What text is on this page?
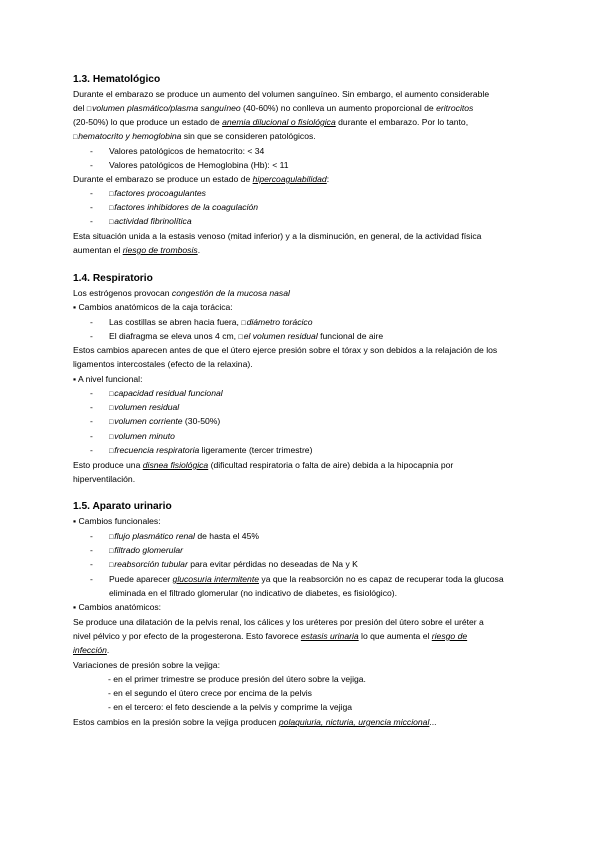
1.3. Hematológico
Durante el embarazo se produce un aumento del volumen sanguíneo. Sin embargo, el aumento considerable
del □volumen plasmático/plasma sanguíneo (40-60%) no conlleva un aumento proporcional de eritrocitos
(20-50%) lo que produce un estado de anemia dilucional o fisiológica durante el embarazo. Por lo tanto,
□hematocrito y hemoglobina sin que se consideren patológicos.
- Valores patológicos de hematocrito: < 34
- Valores patológicos de Hemoglobina (Hb): < 11
Durante el embarazo se produce un estado de hipercoagulabilidad:
- □factores procoagulantes
- □factores inhibidores de la coagulación
- □actividad fibrinolítica
Esta situación unida a la estasis venoso (mitad inferior) y a la disminución, en general, de la actividad física
aumentan el riesgo de trombosis.
1.4. Respiratorio
Los estrógenos provocan congestión de la mucosa nasal
▪ Cambios anatómicos de la caja torácica:
- Las costillas se abren hacia fuera, □diámetro torácico
- El diafragma se eleva unos 4 cm, □el volumen residual funcional de aire
Estos cambios aparecen antes de que el útero ejerce presión sobre el tórax y son debidos a la relajación de los
ligamentos intercostales (efecto de la relaxina).
▪ A nivel funcional:
- □capacidad residual funcional
- □volumen residual
- □volumen corriente (30-50%)
- □volumen minuto
- □frecuencia respiratoria ligeramente (tercer trimestre)
Esto produce una disnea fisiológica (dificultad respiratoria o falta de aire) debida a la hipocapnia por
hiperventilación.
1.5. Aparato urinario
▪ Cambios funcionales:
- □flujo plasmático renal de hasta el 45%
- □filtrado glomerular
- □reabsorción tubular para evitar pérdidas no deseadas de Na y K
- Puede aparecer glucosuria intermitente ya que la reabsorción no es capaz de recuperar toda la glucosa
eliminada en el filtrado glomerular (no indicativo de diabetes, es fisiológico).
▪ Cambios anatómicos:
Se produce una dilatación de la pelvis renal, los cálices y los uréteres por presión del útero sobre el uréter a
nivel pélvico y por efecto de la progesterona. Esto favorece estasis urinaria lo que aumenta el riesgo de
infección.
Variaciones de presión sobre la vejiga:
- en el primer trimestre se produce presión del útero sobre la vejiga.
- en el segundo el útero crece por encima de la pelvis
- en el tercero: el feto desciende a la pelvis y comprime la vejiga
Estos cambios en la presión sobre la vejiga producen polaquiuria, nicturia, urgencia miccional...
